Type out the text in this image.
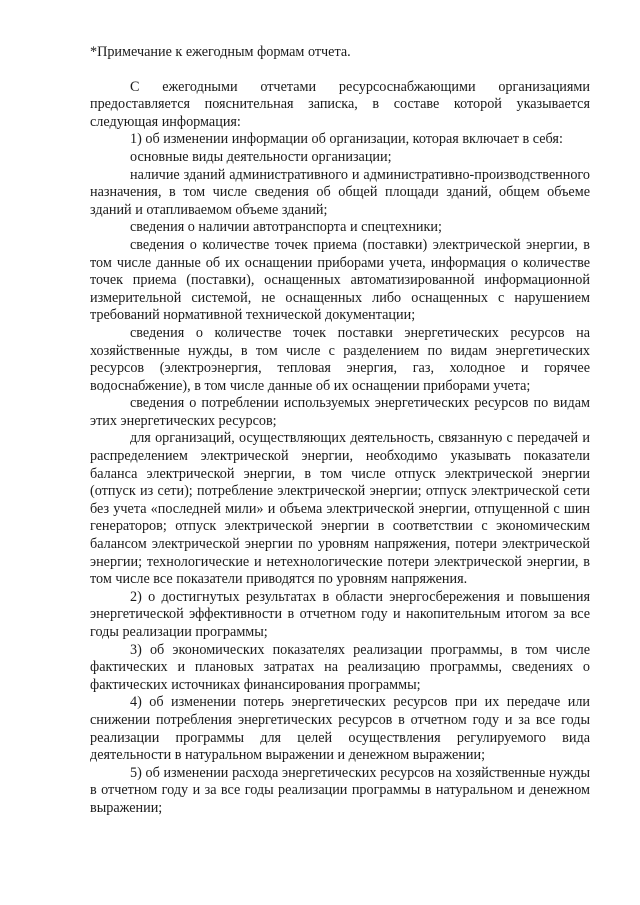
*Примечание к ежегодным формам отчета.

С ежегодными отчетами ресурсоснабжающими организациями предоставляется пояснительная записка, в составе которой указывается следующая информация:

1) об изменении информации об организации, которая включает в себя:

основные виды деятельности организации;

наличие зданий административного и административно-производственного назначения, в том числе сведения об общей площади зданий, общем объеме зданий и отапливаемом объеме зданий;

сведения о наличии автотранспорта и спецтехники;

сведения о количестве точек приема (поставки) электрической энергии, в том числе данные об их оснащении приборами учета, информация о количестве точек приема (поставки), оснащенных автоматизированной информационной измерительной системой, не оснащенных либо оснащенных с нарушением требований нормативной технической документации;

сведения о количестве точек поставки энергетических ресурсов на хозяйственные нужды, в том числе с разделением по видам энергетических ресурсов (электроэнергия, тепловая энергия, газ, холодное и горячее водоснабжение), в том числе данные об их оснащении приборами учета;

сведения о потреблении используемых энергетических ресурсов по видам этих энергетических ресурсов;

для организаций, осуществляющих деятельность, связанную с передачей и распределением электрической энергии, необходимо указывать показатели баланса электрической энергии, в том числе отпуск электрической энергии (отпуск из сети); потребление электрической энергии; отпуск электрической сети без учета «последней мили» и объема электрической энергии, отпущенной с шин генераторов; отпуск электрической энергии в соответствии с экономическим балансом электрической энергии по уровням напряжения, потери электрической энергии; технологические и нетехнологические потери электрической энергии, в том числе все показатели приводятся по уровням напряжения.

2) о достигнутых результатах в области энергосбережения и повышения энергетической эффективности в отчетном году и накопительным итогом за все годы реализации программы;

3) об экономических показателях реализации программы, в том числе фактических и плановых затратах на реализацию программы, сведениях о фактических источниках финансирования программы;

4) об изменении потерь энергетических ресурсов при их передаче или снижении потребления энергетических ресурсов в отчетном году и за все годы реализации программы для целей осуществления регулируемого вида деятельности в натуральном выражении и денежном выражении;

5) об изменении расхода энергетических ресурсов на хозяйственные нужды в отчетном году и за все годы реализации программы в натуральном и денежном выражении;
